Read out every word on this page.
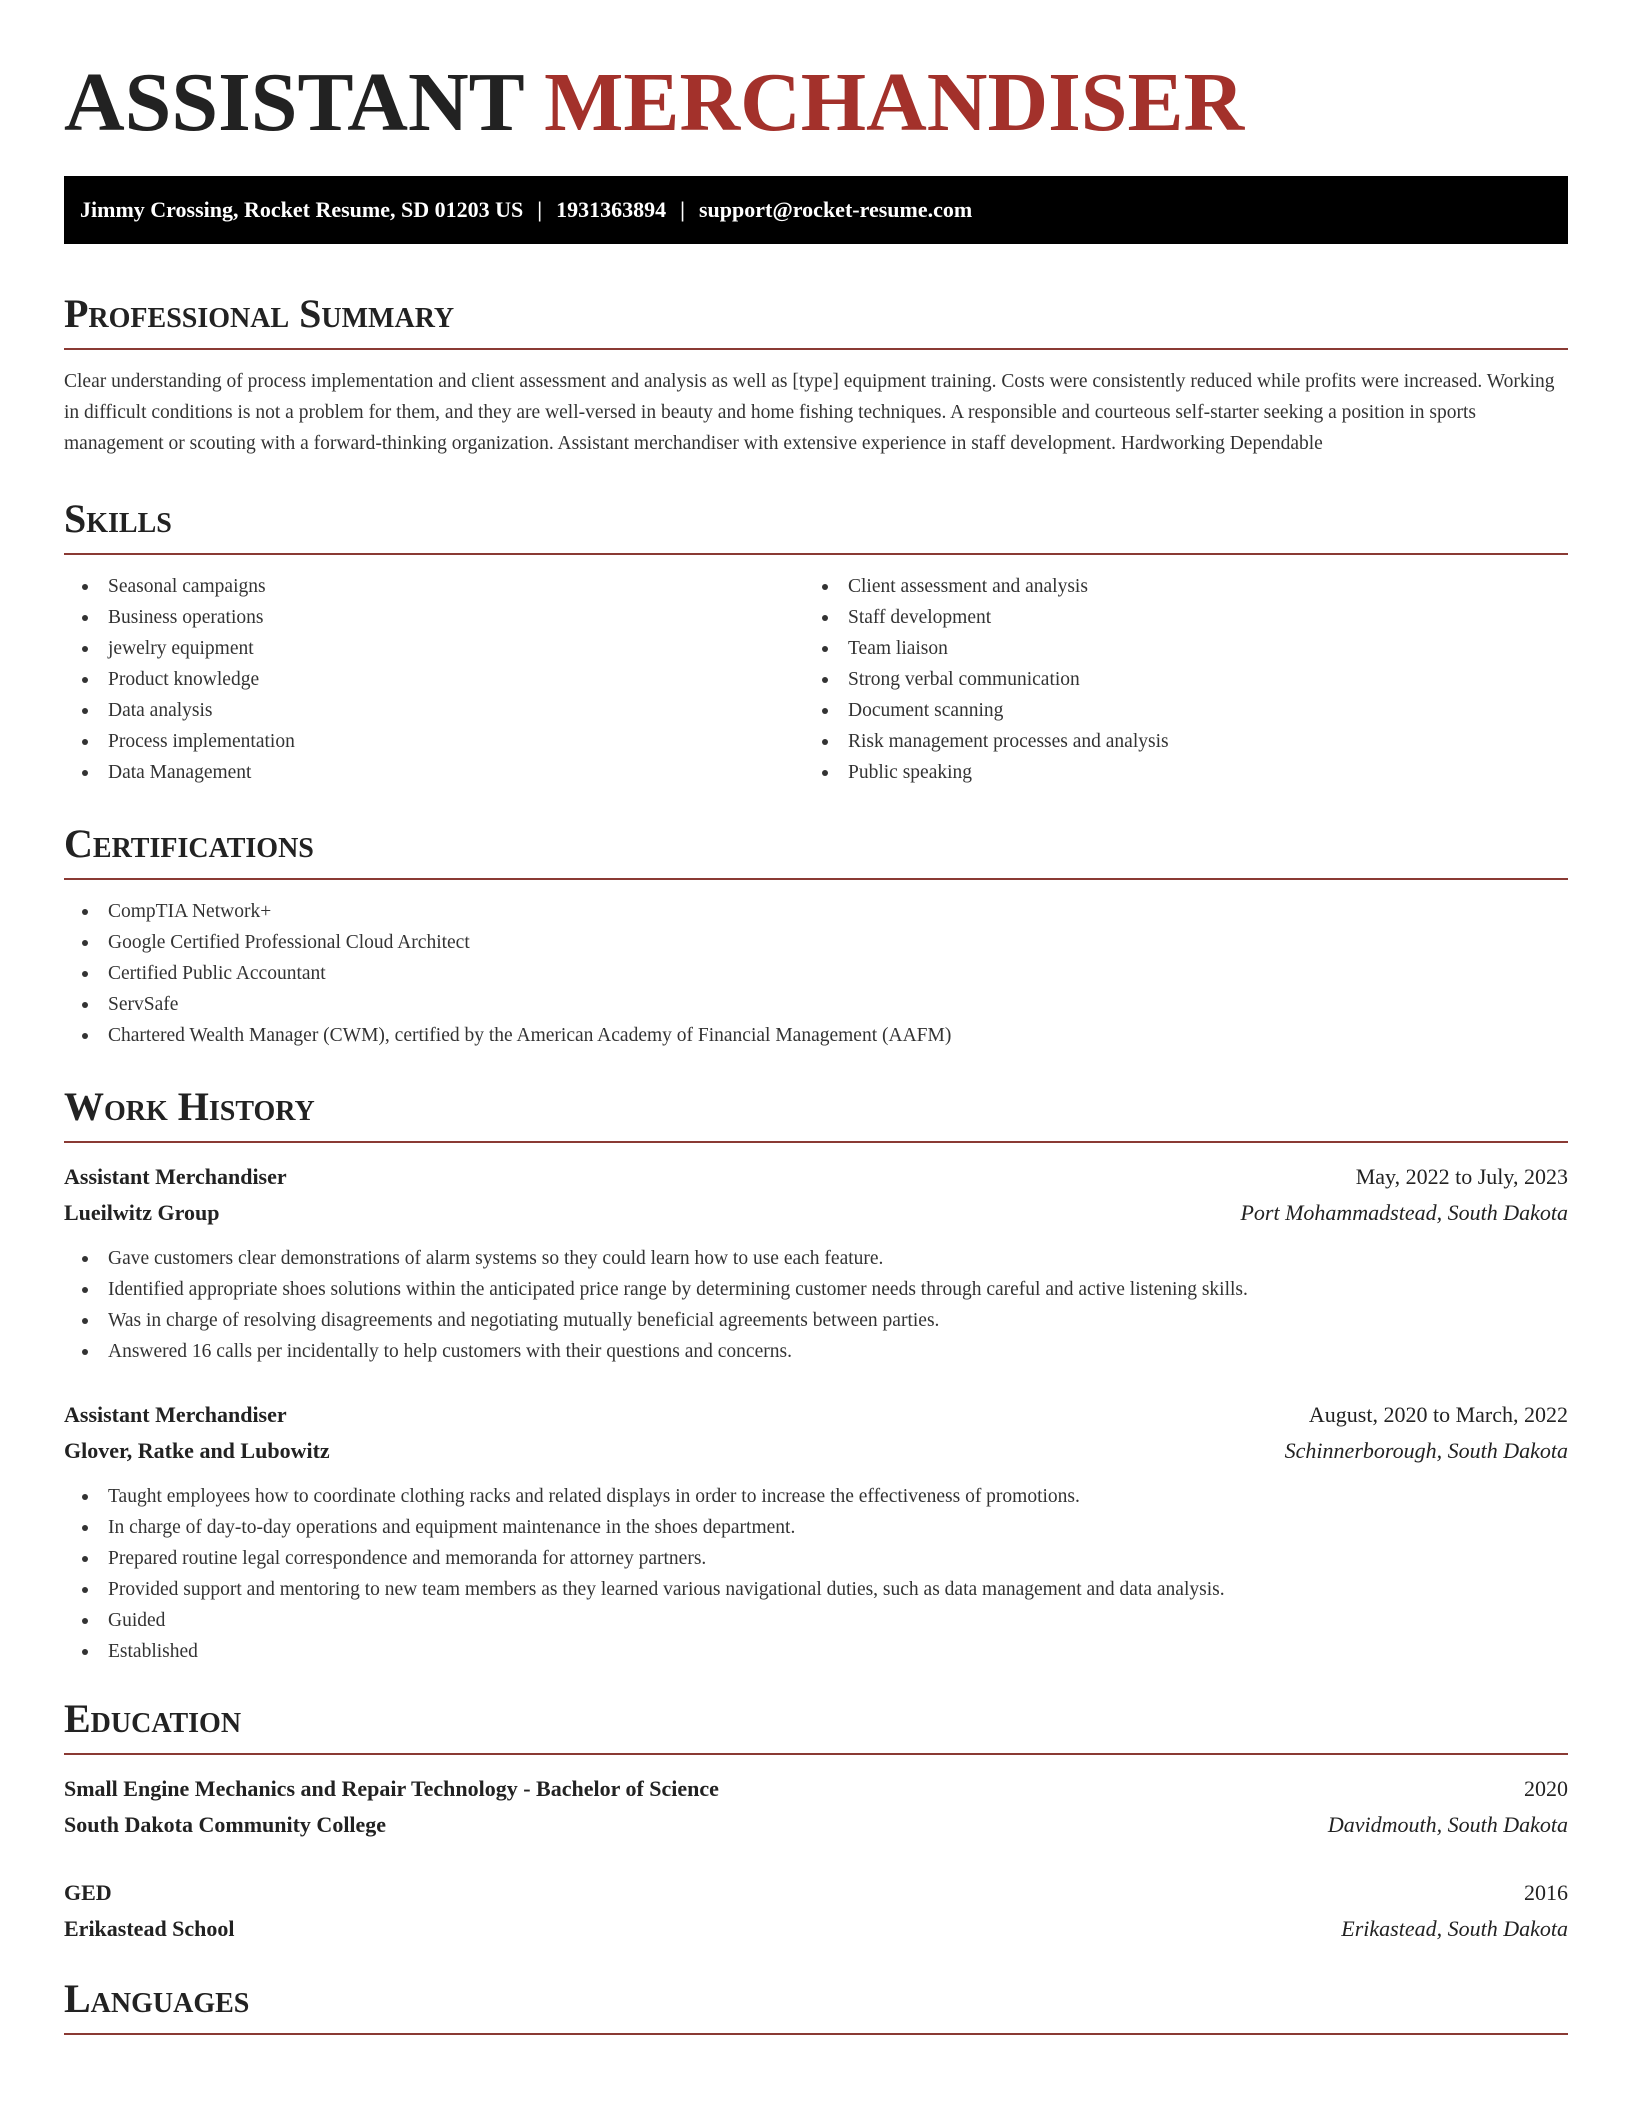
ASSISTANT MERCHANDISER
Jimmy Crossing, Rocket Resume, SD 01203 US | 1931363894 | support@rocket-resume.com
Professional Summary

Clear understanding of process implementation and client assessment and analysis as well as [type] equipment training. Costs were consistently reduced while profits were increased. Working in difficult conditions is not a problem for them, and they are well-versed in beauty and home fishing techniques. A responsible and courteous self-starter seeking a position in sports management or scouting with a forward-thinking organization. Assistant merchandiser with extensive experience in staff development. Hardworking Dependable

Skills
Seasonal campaigns
Business operations
jewelry equipment
Product knowledge
Data analysis
Process implementation
Data Management
Client assessment and analysis
Staff development
Team liaison
Strong verbal communication
Document scanning
Risk management processes and analysis
Public speaking
Certifications
CompTIA Network+
Google Certified Professional Cloud Architect
Certified Public Accountant
ServSafe
Chartered Wealth Manager (CWM), certified by the American Academy of Financial Management (AAFM)
Work History
Assistant Merchandiser	May, 2022 to July, 2023
Lueilwitz Group	Port Mohammadstead, South Dakota
Gave customers clear demonstrations of alarm systems so they could learn how to use each feature.
Identified appropriate shoes solutions within the anticipated price range by determining customer needs through careful and active listening skills.
Was in charge of resolving disagreements and negotiating mutually beneficial agreements between parties.
Answered 16 calls per incidentally to help customers with their questions and concerns.
Assistant Merchandiser	August, 2020 to March, 2022
Glover, Ratke and Lubowitz	Schinnerborough, South Dakota
Taught employees how to coordinate clothing racks and related displays in order to increase the effectiveness of promotions.
In charge of day-to-day operations and equipment maintenance in the shoes department.
Prepared routine legal correspondence and memoranda for attorney partners.
Provided support and mentoring to new team members as they learned various navigational duties, such as data management and data analysis.
Guided
Established
Education
Small Engine Mechanics and Repair Technology - Bachelor of Science	2020
South Dakota Community College	Davidmouth, South Dakota
GED	2016
Erikastead School	Erikastead, South Dakota
Languages
